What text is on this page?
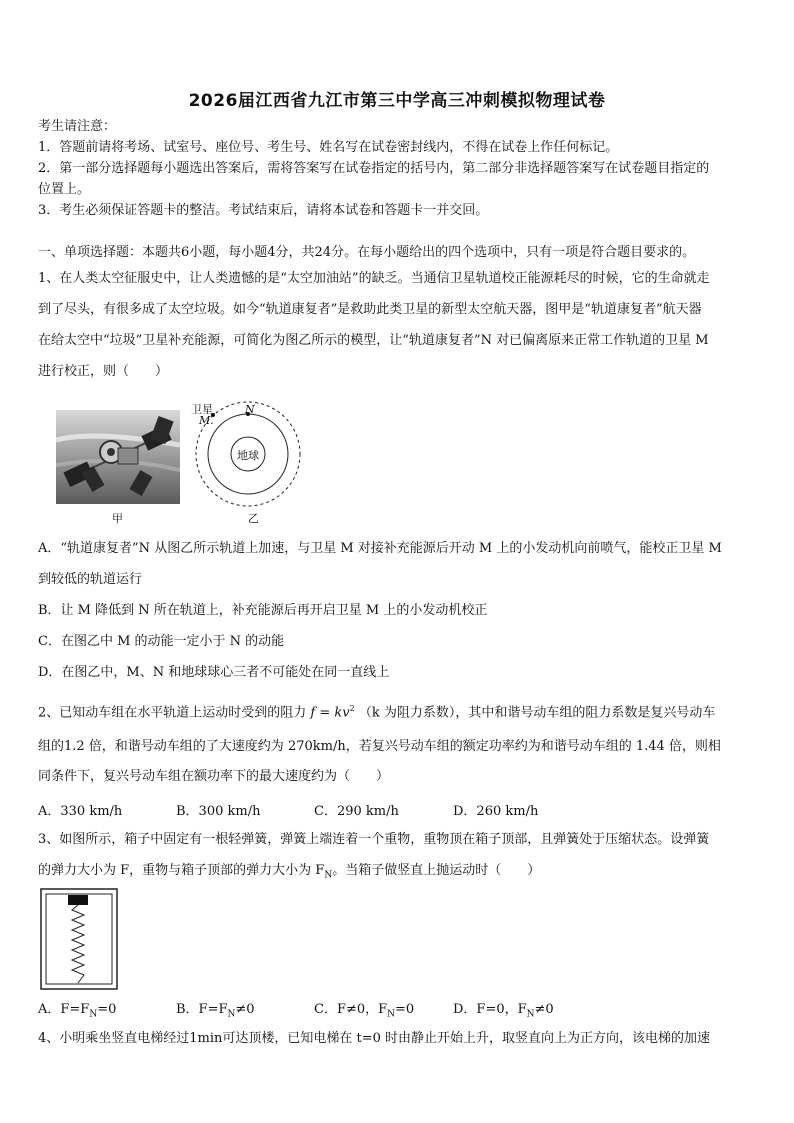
2026届江西省九江市第三中学高三冲刺模拟物理试卷
考生请注意：
1．答题前请将考场、试室号、座位号、考生号、姓名写在试卷密封线内，不得在试卷上作任何标记。
2．第一部分选择题每小题选出答案后，需将答案写在试卷指定的括号内，第二部分非选择题答案写在试卷题目指定的
位置上。
3．考生必须保证答题卡的整洁。考试结束后，请将本试卷和答题卡一并交回。
一、单项选择题：本题共6小题，每小题4分，共24分。在每小题给出的四个选项中，只有一项是符合题目要求的。
1、在人类太空征服史中，让人类遗憾的是“太空加油站”的缺乏。当通信卫星轨道校正能源耗尽的时候，它的生命就走
到了尽头，有很多成了太空垃圾。如今“轨道康复者”是救助此类卫星的新型太空航天器，图甲是“轨道康复者”航天器
在给太空中“垃圾”卫星补充能源，可简化为图乙所示的模型，让“轨道康复者”N 对已偏离原来正常工作轨道的卫星 M
进行校正，则（　　）
甲
卫星
M.
N
地球
乙
A．“轨道康复者”N 从图乙所示轨道上加速，与卫星 M 对接补充能源后开动 M 上的小发动机向前喷气，能校正卫星 M
到较低的轨道运行
B．让 M 降低到 N 所在轨道上，补充能源后再开启卫星 M 上的小发动机校正
C．在图乙中 M 的动能一定小于 N 的动能
D．在图乙中，M、N 和地球球心三者不可能处在同一直线上
2、已知动车组在水平轨道上运动时受到的阻力 $f = kv^2$ （k 为阻力系数），其中和谐号动车组的阻力系数是复兴号动车
组的1.2 倍，和谐号动车组的了大速度约为 270km/h，若复兴号动车组的额定功率约为和谐号动车组的 1.44 倍，则相
同条件下，复兴号动车组在额功率下的最大速度约为（　　）
A．330 km/h	B．300 km/h	C．290 km/h	D．260 km/h
3、如图所示，箱子中固定有一根轻弹簧，弹簧上端连着一个重物，重物顶在箱子顶部，且弹簧处于压缩状态。设弹簧
的弹力大小为 F，重物与箱子顶部的弹力大小为 $F_N$。当箱子做竖直上抛运动时（　　）
A．$F=F_N=0$	B．$F=F_N\ne 0$	C．F≠0，$F_N=0$	D．F=0，$F_N\ne 0$
4、小明乘坐竖直电梯经过1min可达顶楼，已知电梯在 t=0 时由静止开始上升，取竖直向上为正方向，该电梯的加速
